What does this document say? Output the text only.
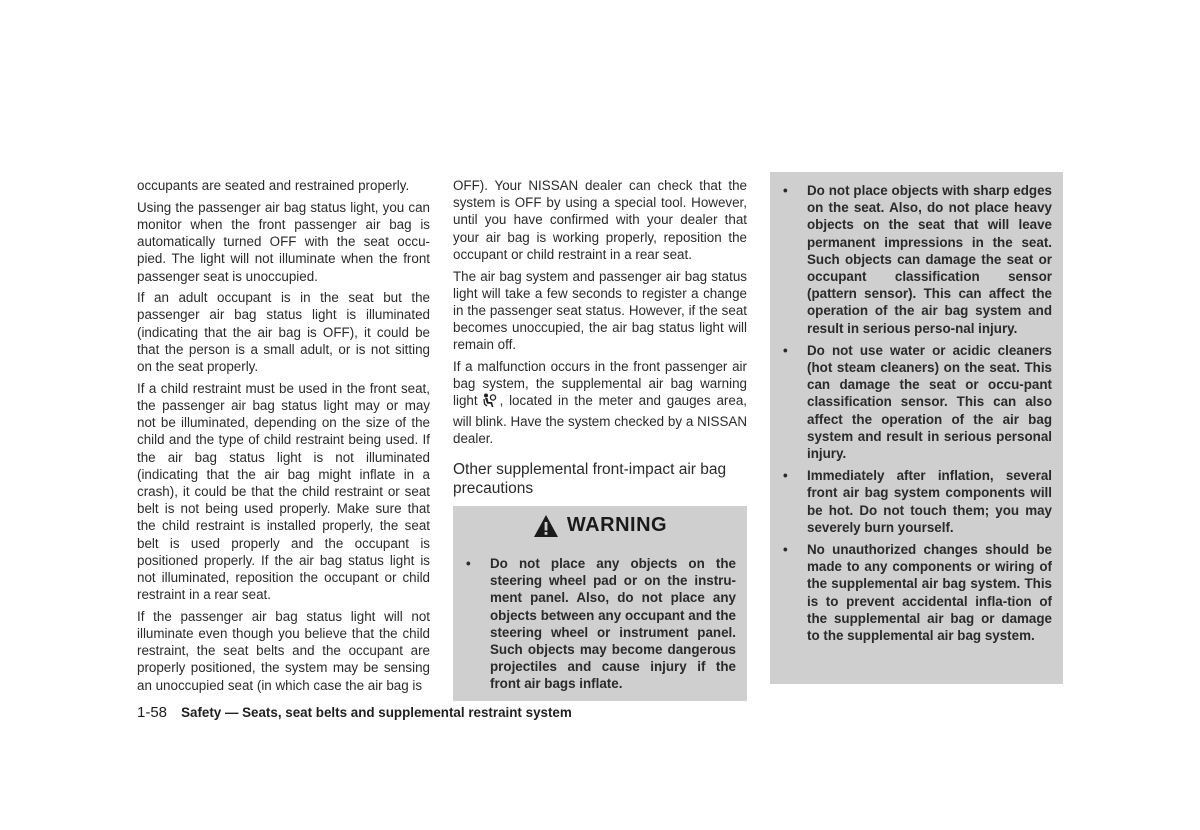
occupants are seated and restrained properly.

Using the passenger air bag status light, you can monitor when the front passenger air bag is automatically turned OFF with the seat occu-pied. The light will not illuminate when the front passenger seat is unoccupied.

If an adult occupant is in the seat but the passenger air bag status light is illuminated (indicating that the air bag is OFF), it could be that the person is a small adult, or is not sitting on the seat properly.

If a child restraint must be used in the front seat, the passenger air bag status light may or may not be illuminated, depending on the size of the child and the type of child restraint being used. If the air bag status light is not illuminated (indicating that the air bag might inflate in a crash), it could be that the child restraint or seat belt is not being used properly. Make sure that the child restraint is installed properly, the seat belt is used properly and the occupant is positioned properly. If the air bag status light is not illuminated, reposition the occupant or child restraint in a rear seat.

If the passenger air bag status light will not illuminate even though you believe that the child restraint, the seat belts and the occupant are properly positioned, the system may be sensing an unoccupied seat (in which case the air bag is

OFF). Your NISSAN dealer can check that the system is OFF by using a special tool. However, until you have confirmed with your dealer that your air bag is working properly, reposition the occupant or child restraint in a rear seat.

The air bag system and passenger air bag status light will take a few seconds to register a change in the passenger seat status. However, if the seat becomes unoccupied, the air bag status light will remain off.

If a malfunction occurs in the front passenger air bag system, the supplemental air bag warning light , located in the meter and gauges area, will blink. Have the system checked by a NISSAN dealer.

Other supplemental front-impact air bag precautions
WARNING
•	Do not place any objects on the steering wheel pad or on the instru-ment panel. Also, do not place any objects between any occupant and the steering wheel or instrument panel. Such objects may become dangerous projectiles and cause injury if the front air bags inflate.
•	Do not place objects with sharp edges on the seat. Also, do not place heavy objects on the seat that will leave permanent impressions in the seat. Such objects can damage the seat or occupant classification sensor (pattern sensor). This can affect the operation of the air bag system and result in serious perso-nal injury.
•	Do not use water or acidic cleaners (hot steam cleaners) on the seat. This can damage the seat or occu-pant classification sensor. This can also affect the operation of the air bag system and result in serious personal injury.
•	Immediately after inflation, several front air bag system components will be hot. Do not touch them; you may severely burn yourself.
•	No unauthorized changes should be made to any components or wiring of the supplemental air bag system. This is to prevent accidental infla-tion of the supplemental air bag or damage to the supplemental air bag system.
1-58 Safety — Seats, seat belts and supplemental restraint system
